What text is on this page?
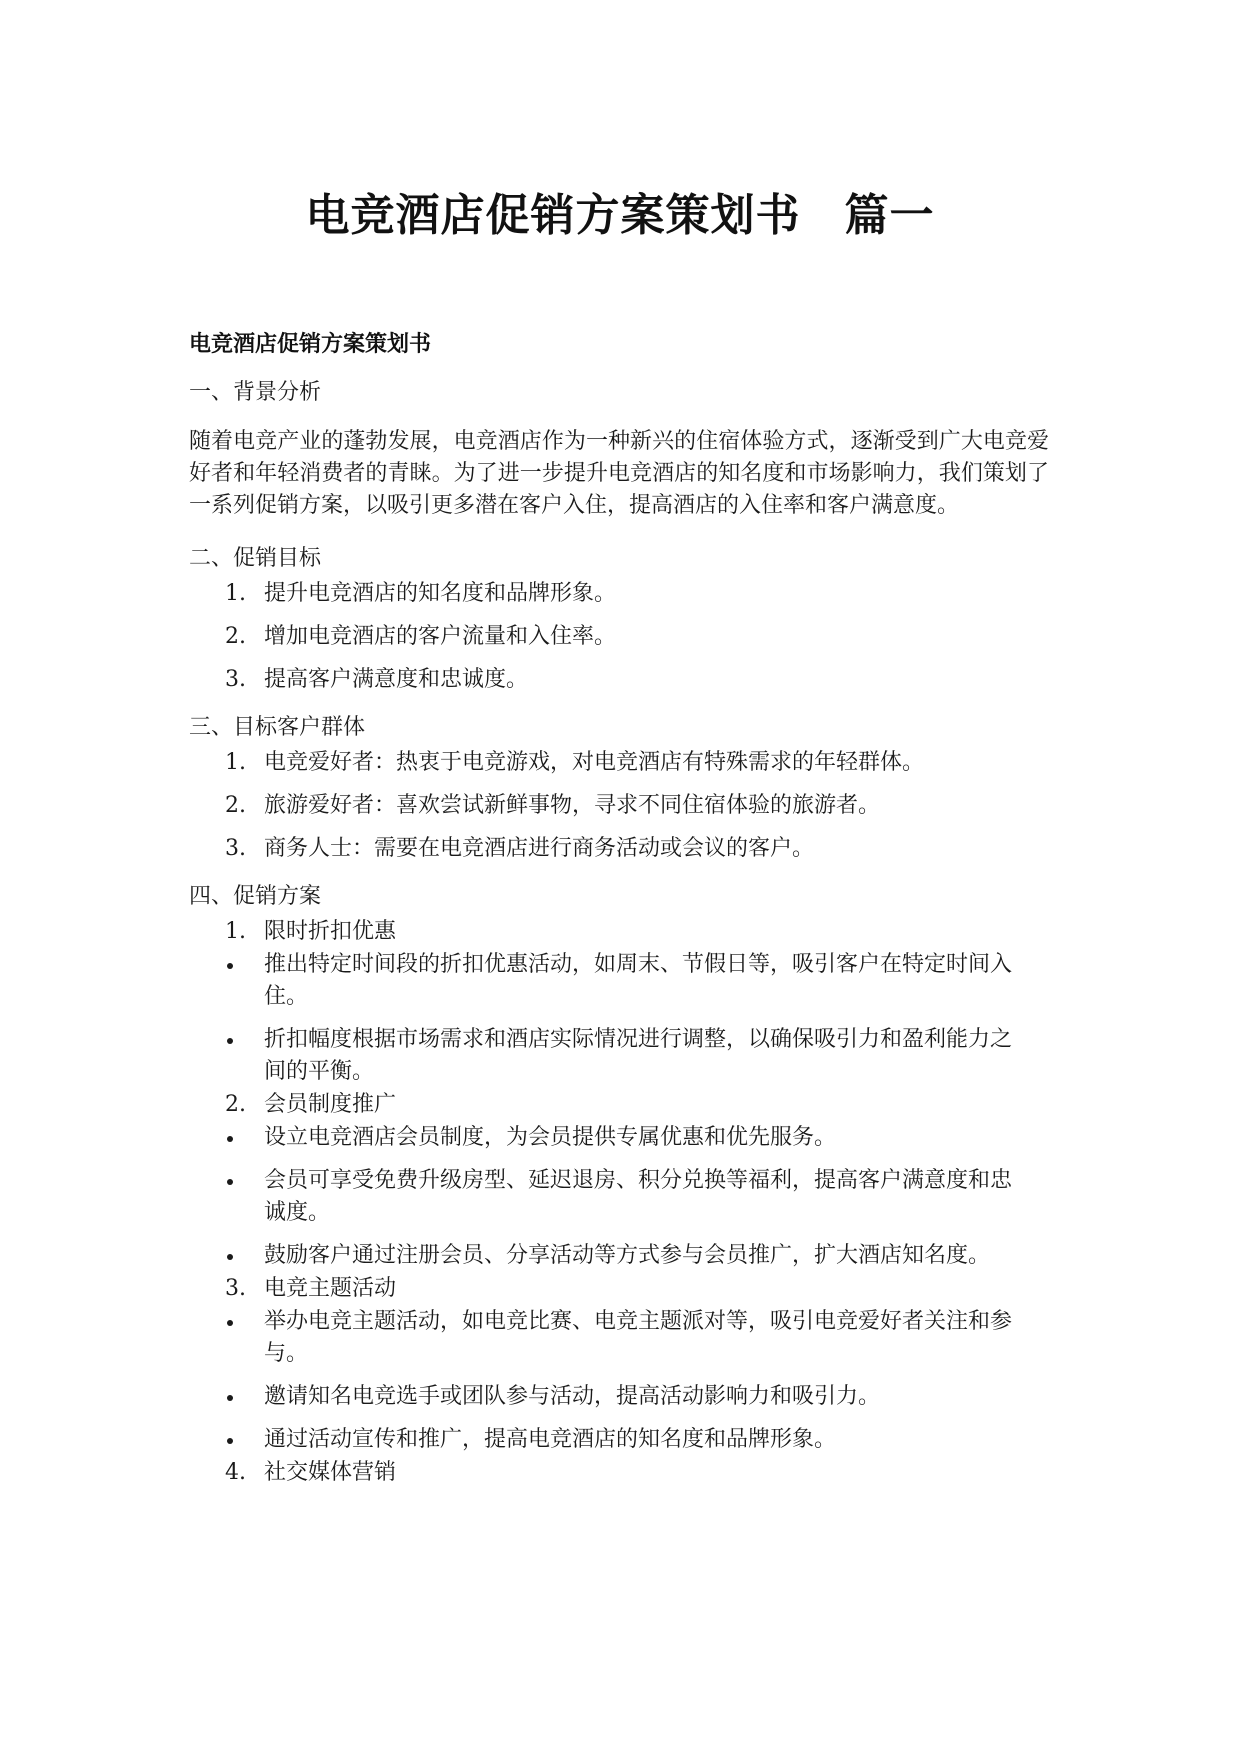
电竞酒店促销方案策划书 篇一
电竞酒店促销方案策划书
一、背景分析
随着电竞产业的蓬勃发展，电竞酒店作为一种新兴的住宿体验方式，逐渐受到广大电竞爱好者和年轻消费者的青睐。为了进一步提升电竞酒店的知名度和市场影响力，我们策划了一系列促销方案，以吸引更多潜在客户入住，提高酒店的入住率和客户满意度。
二、促销目标
1. 提升电竞酒店的知名度和品牌形象。
2. 增加电竞酒店的客户流量和入住率。
3. 提高客户满意度和忠诚度。
三、目标客户群体
1. 电竞爱好者：热衷于电竞游戏，对电竞酒店有特殊需求的年轻群体。
2. 旅游爱好者：喜欢尝试新鲜事物，寻求不同住宿体验的旅游者。
3. 商务人士：需要在电竞酒店进行商务活动或会议的客户。
四、促销方案
1. 限时折扣优惠
推出特定时间段的折扣优惠活动，如周末、节假日等，吸引客户在特定时间入住。
折扣幅度根据市场需求和酒店实际情况进行调整，以确保吸引力和盈利能力之间的平衡。
2. 会员制度推广
设立电竞酒店会员制度，为会员提供专属优惠和优先服务。
会员可享受免费升级房型、延迟退房、积分兑换等福利，提高客户满意度和忠诚度。
鼓励客户通过注册会员、分享活动等方式参与会员推广，扩大酒店知名度。
3. 电竞主题活动
举办电竞主题活动，如电竞比赛、电竞主题派对等，吸引电竞爱好者关注和参与。
邀请知名电竞选手或团队参与活动，提高活动影响力和吸引力。
通过活动宣传和推广，提高电竞酒店的知名度和品牌形象。
4. 社交媒体营销
